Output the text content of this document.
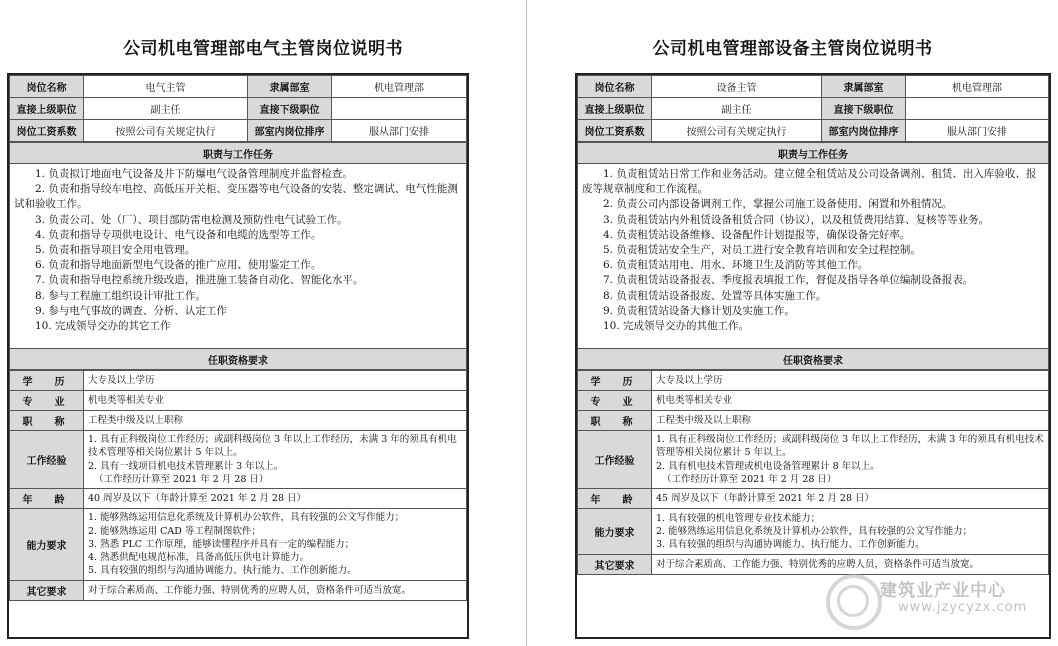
公司机电管理部电气主管岗位说明书
岗位名称	电气主管	隶属部室	机电管理部
直接上级职位	副主任	直接下级职位	
岗位工资系数	按照公司有关规定执行	部室内岗位排序	服从部门安排
职责与工作任务

1. 负责拟订地面电气设备及井下防爆电气设备管理制度并监督检查。

2. 负责和指导绞车电控、高低压开关柜、变压器等电气设备的安装、整定调试、电气性能测试和验收工作。

3. 负责公司、处（厂）、项目部防雷电检测及预防性电气试验工作。

4. 负责和指导专项供电设计、电气设备和电缆的选型等工作。

5. 负责和指导项目安全用电管理。

6. 负责和指导地面新型电气设备的推广应用、使用鉴定工作。

7. 负责和指导电控系统升级改造，推进施工装备自动化、智能化水平。

8. 参与工程施工组织设计审批工作。

9. 参与电气事故的调查、分析、认定工作

10. 完成领导交办的其它工作

任职资格要求
学　历	大专及以上学历

专　业	机电类等相关专业

职　称	工程类中级及以上职称

工作经验	1. 具有正科级岗位工作经历；或副科级岗位 3 年以上工作经历，未满 3 年的须具有机电技术管理等相关岗位累计 5 年以上。

2. 具有一线项目机电技术管理累计 3 年以上。

（工作经历计算至 2021 年 2 月 28 日）

年　龄	40 周岁及以下（年龄计算至 2021 年 2 月 28 日）

能力要求	1. 能够熟练运用信息化系统及计算机办公软件，具有较强的公文写作能力；

2. 能够熟练运用 CAD 等工程制图软件；

3. 熟悉 PLC 工作原理，能够读懂程序并具有一定的编程能力；

4. 熟悉供配电规范标准，具备高低压供电计算能力。

5. 具有较强的组织与沟通协调能力、执行能力、工作创新能力。

其它要求	对于综合素质高、工作能力强、特别优秀的应聘人员，资格条件可适当放宽。

公司机电管理部设备主管岗位说明书
岗位名称	设备主管	隶属部室	机电管理部
直接上级职位	副主任	直接下级职位	
岗位工资系数	按照公司有关规定执行	部室内岗位排序	服从部门安排
职责与工作任务

1. 负责租赁站日常工作和业务活动。建立健全租赁站及公司设备调剂、租赁、出入库验收、报废等规章制度和工作流程。

2. 负责公司内部设备调剂工作，掌握公司施工设备使用、闲置和外租情况。

3. 负责租赁站内外租赁设备租赁合同（协议），以及租赁费用结算、复核等等业务。

4. 负责租赁站设备维修、设备配件计划提报等，确保设备完好率。

5. 负责租赁站安全生产，对员工进行安全教育培训和安全过程控制。

6. 负责租赁站用电、用水、环境卫生及消防等其他工作。

7. 负责租赁站设备报表、季度报表填报工作，督促及指导各单位编制设备报表。

8. 负责租赁站设备报废、处置等具体实施工作。

9. 负责租赁站设备大修计划及实施工作。

10. 完成领导交办的其他工作。

任职资格要求
学　历	大专及以上学历

专　业	机电类等相关专业

职　称	工程类中级及以上职称

工作经验	1. 具有正科级岗位工作经历；或副科级岗位 3 年以上工作经历，未满 3 年的须具有机电技术管理等相关岗位累计 5 年以上。

2. 具有机电技术管理或机电设备管理累计 8 年以上。

（工作经历计算至 2021 年 2 月 28 日）

年　龄	45 周岁及以下（年龄计算至 2021 年 2 月 28 日）

能力要求	1. 具有较强的机电管理专业技术能力；

2. 能够熟练运用信息化系统及计算机办公软件，具有较强的公文写作能力；

3. 具有较强的组织与沟通协调能力、执行能力、工作创新能力。

其它要求	对于综合素质高、工作能力强、特别优秀的应聘人员，资格条件可适当放宽。

建筑业产业中心
www.jzycyzx.com
